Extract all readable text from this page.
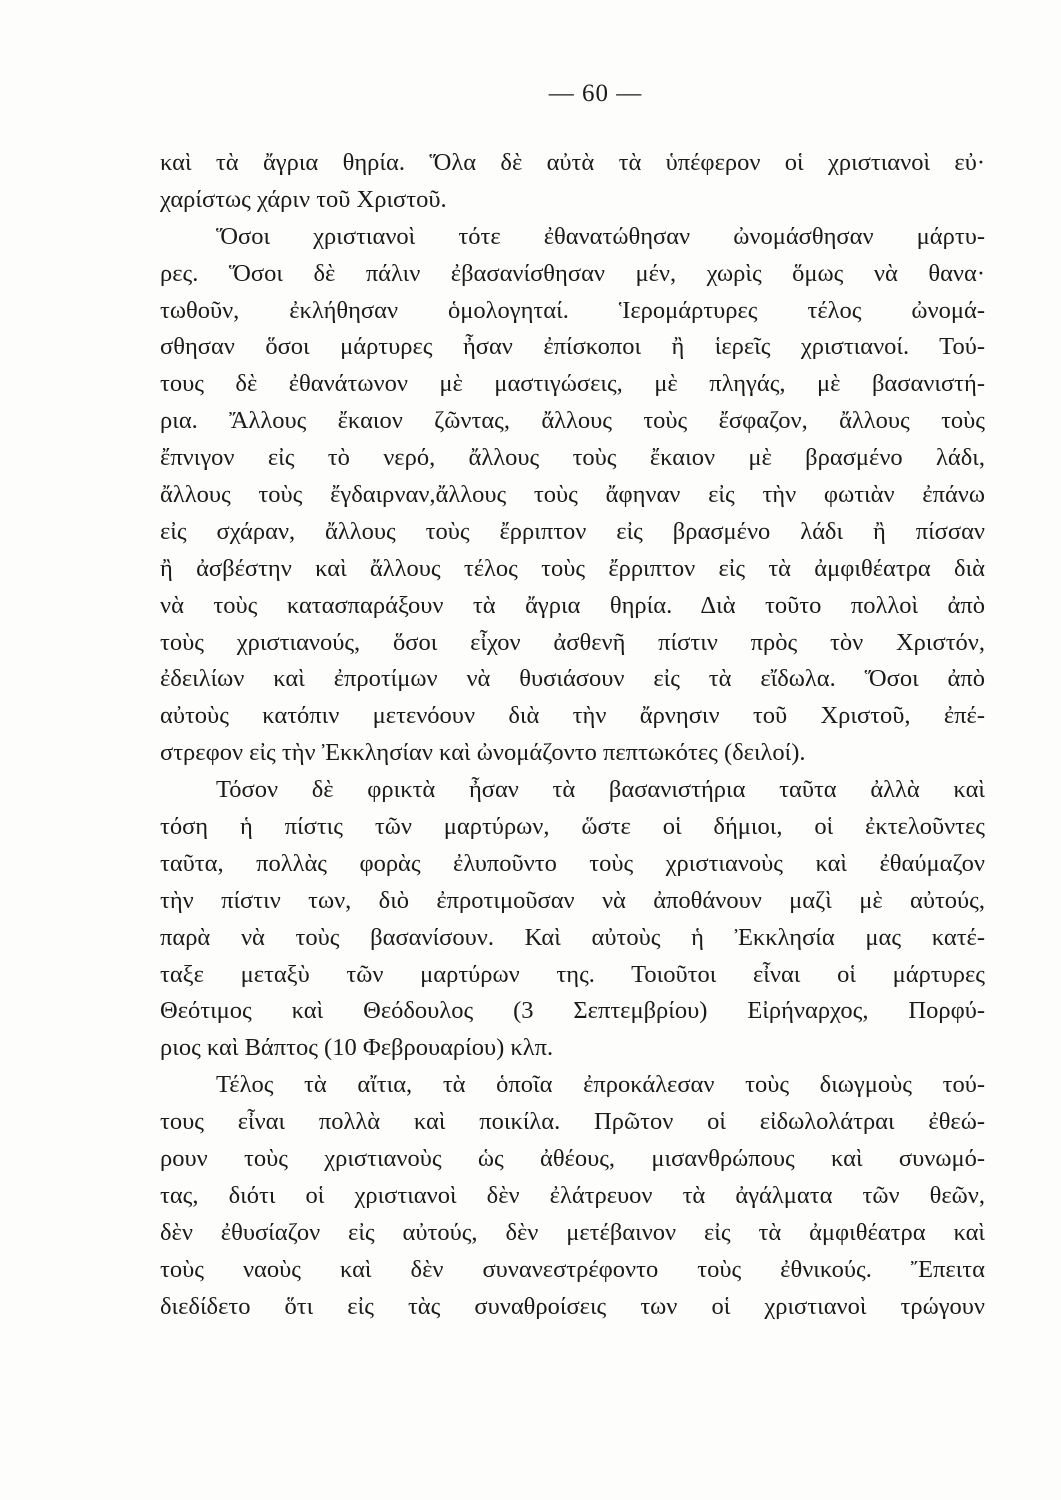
— 60 —
καὶ τὰ ἄγρια θηρία. Ὅλα δὲ αὐτὰ τὰ ὑπέφερον οἱ χριστιανοὶ εὐ·
χαρίστως χάριν τοῦ Χριστοῦ.
Ὅσοι χριστιανοὶ τότε ἐθανατώθησαν ὠνομάσθησαν μάρτυ-
ρες. Ὅσοι δὲ πάλιν ἐβασανίσθησαν μέν, χωρὶς ὅμως νὰ θανα·
τωθοῦν, ἐκλήθησαν ὁμολογηταί. Ἱερομάρτυρες τέλος ὠνομά-
σθησαν ὅσοι μάρτυρες ἦσαν ἐπίσκοποι ἢ ἱερεῖς χριστιανοί. Τού-
τους δὲ ἐθανάτωνον μὲ μαστιγώσεις, μὲ πληγάς, μὲ βασανιστή-
ρια. Ἄλλους ἔκαιον ζῶντας, ἄλλους τοὺς ἔσφαζον, ἄλλους τοὺς
ἔπνιγον εἰς τὸ νερό, ἄλλους τοὺς ἔκαιον μὲ βρασμένο λάδι,
ἄλλους τοὺς ἔγδαιρναν,ἄλλους τοὺς ἄφηναν εἰς τὴν φωτιὰν ἐπάνω
εἰς σχάραν, ἄλλους τοὺς ἔρριπτον εἰς βρασμένο λάδι ἢ πίσσαν
ἢ ἀσβέστην καὶ ἄλλους τέλος τοὺς ἔρριπτον εἰς τὰ ἀμφιθέατρα διὰ
νὰ τοὺς κατασπαράξουν τὰ ἄγρια θηρία. Διὰ τοῦτο πολλοὶ ἀπὸ
τοὺς χριστιανούς, ὅσοι εἶχον ἀσθενῆ πίστιν πρὸς τὸν Χριστόν,
ἐδειλίων καὶ ἐπροτίμων νὰ θυσιάσουν εἰς τὰ εἴδωλα. Ὅσοι ἀπὸ
αὐτοὺς κατόπιν μετενόουν διὰ τὴν ἄρνησιν τοῦ Χριστοῦ, ἐπέ-
στρεφον εἰς τὴν Ἐκκλησίαν καὶ ὠνομάζοντο πεπτωκότες (δειλοί).
Τόσον δὲ φρικτὰ ἦσαν τὰ βασανιστήρια ταῦτα ἀλλὰ καὶ
τόση ἡ πίστις τῶν μαρτύρων, ὥστε οἱ δήμιοι, οἱ ἐκτελοῦντες
ταῦτα, πολλὰς φορὰς ἐλυποῦντο τοὺς χριστιανοὺς καὶ ἐθαύμαζον
τὴν πίστιν των, διὸ ἐπροτιμοῦσαν νὰ ἀποθάνουν μαζὶ μὲ αὐτούς,
παρὰ νὰ τοὺς βασανίσουν. Καὶ αὐτοὺς ἡ Ἐκκλησία μας κατέ-
ταξε μεταξὺ τῶν μαρτύρων της. Τοιοῦτοι εἶναι οἱ μάρτυρες
Θεότιμος καὶ Θεόδουλος (3 Σεπτεμβρίου) Εἰρήναρχος, Πορφύ-
ριος καὶ Βάπτος (10 Φεβρουαρίου) κλπ.
Τέλος τὰ αἴτια, τὰ ὁποῖα ἐπροκάλεσαν τοὺς διωγμοὺς τού-
τους εἶναι πολλὰ καὶ ποικίλα. Πρῶτον οἱ εἰδωλολάτραι ἐθεώ-
ρουν τοὺς χριστιανοὺς ὡς ἀθέους, μισανθρώπους καὶ συνωμό-
τας, διότι οἱ χριστιανοὶ δὲν ἐλάτρευον τὰ ἀγάλματα τῶν θεῶν,
δὲν ἐθυσίαζον εἰς αὐτούς, δὲν μετέβαινον εἰς τὰ ἀμφιθέατρα καὶ
τοὺς ναοὺς καὶ δὲν συνανεστρέφοντο τοὺς ἐθνικούς. Ἔπειτα
διεδίδετο ὅτι εἰς τὰς συναθροίσεις των οἱ χριστιανοὶ τρώγουν
